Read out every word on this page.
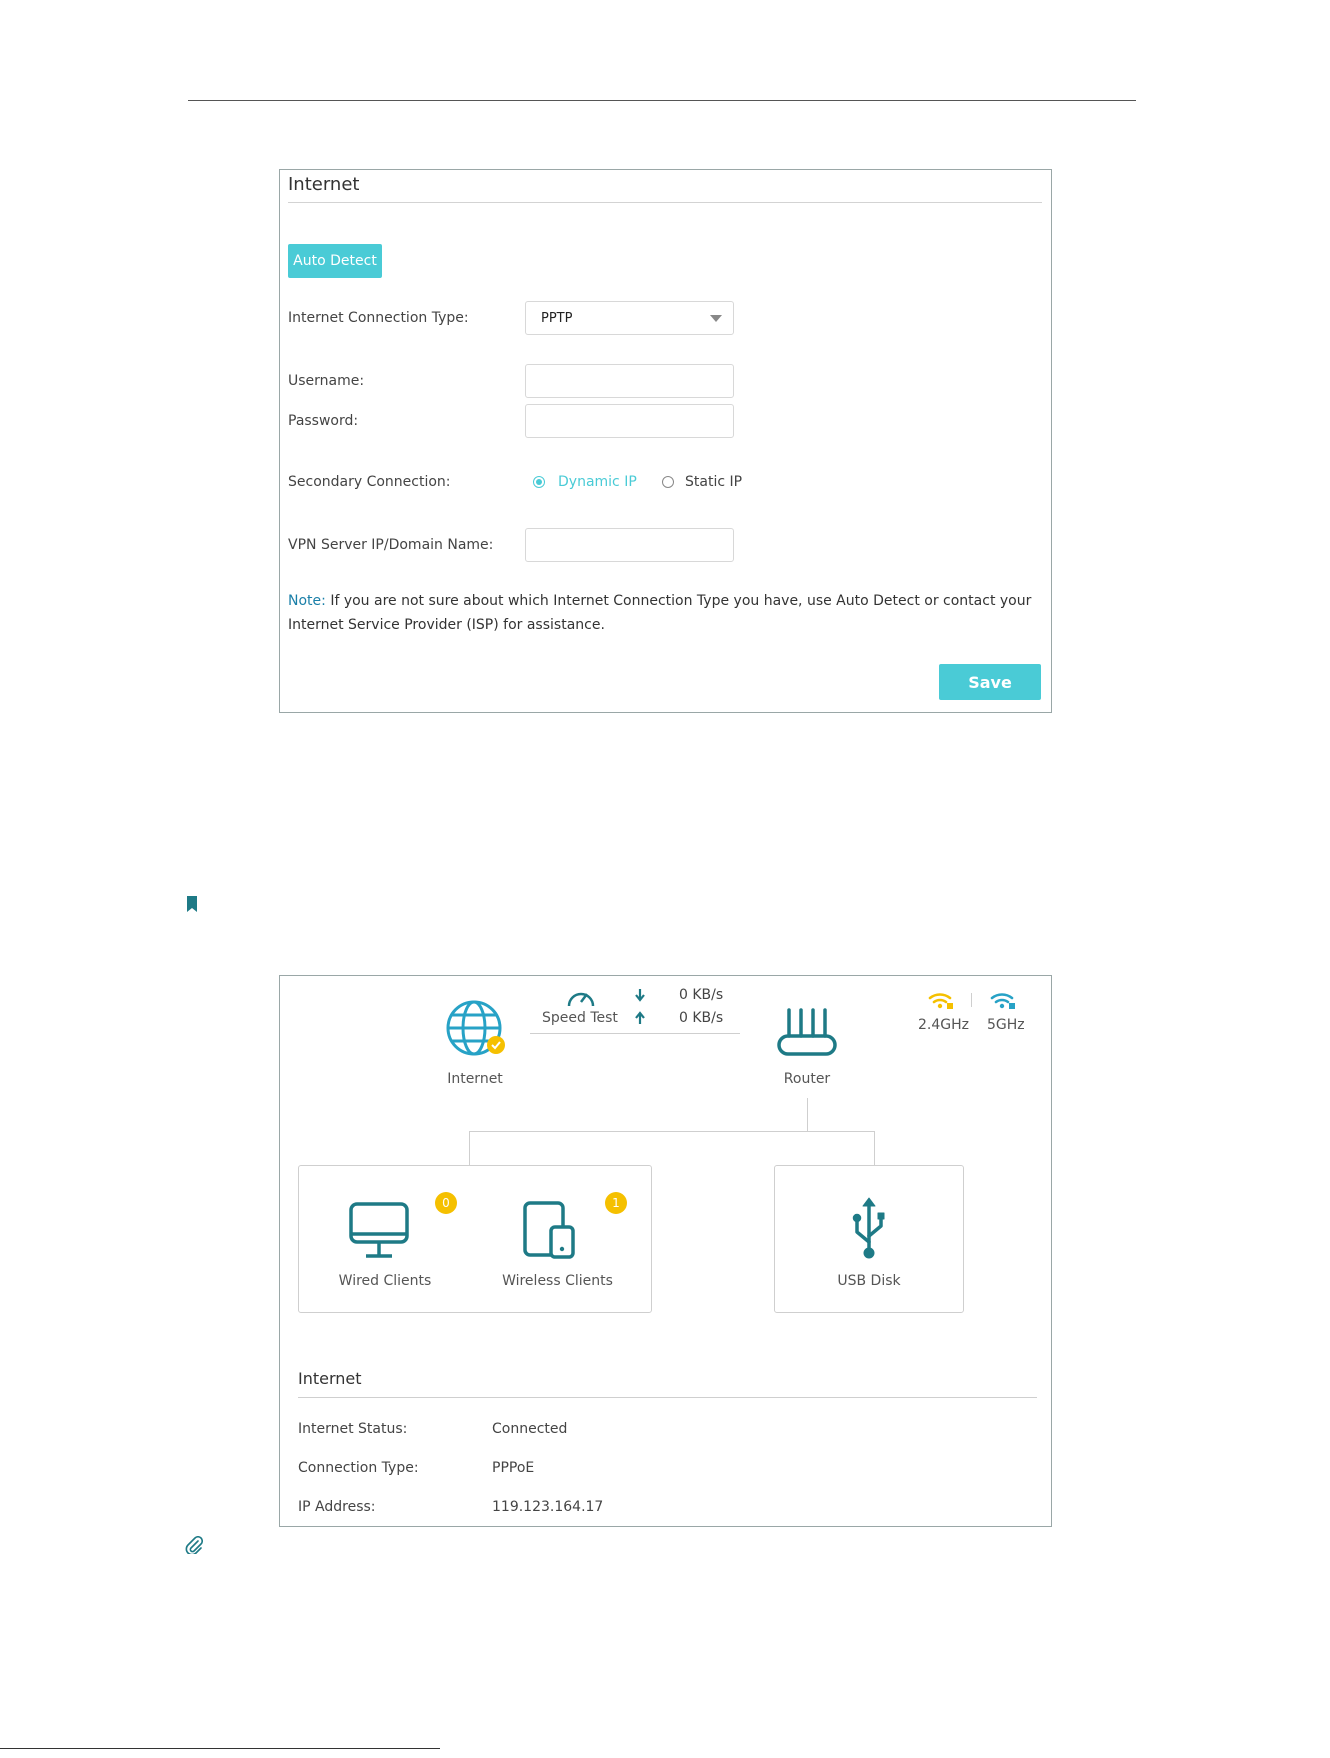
Internet
Auto Detect
Internet Connection Type:	PPTP
Username:
Password:
Secondary Connection:	Dynamic IP	Static IP
VPN Server IP/Domain Name:
Note: If you are not sure about which Internet Connection Type you have, use Auto Detect or contact your
Internet Service Provider (ISP) for assistance.
Save
Internet
Speed Test
0 KB/s
0 KB/s
Router
2.4GHz 5GHz
0
Wired Clients
1
Wireless Clients	USB Disk
Internet
Internet Status:	Connected
Connection Type:	PPPoE
IP Address:	119.123.164.17
